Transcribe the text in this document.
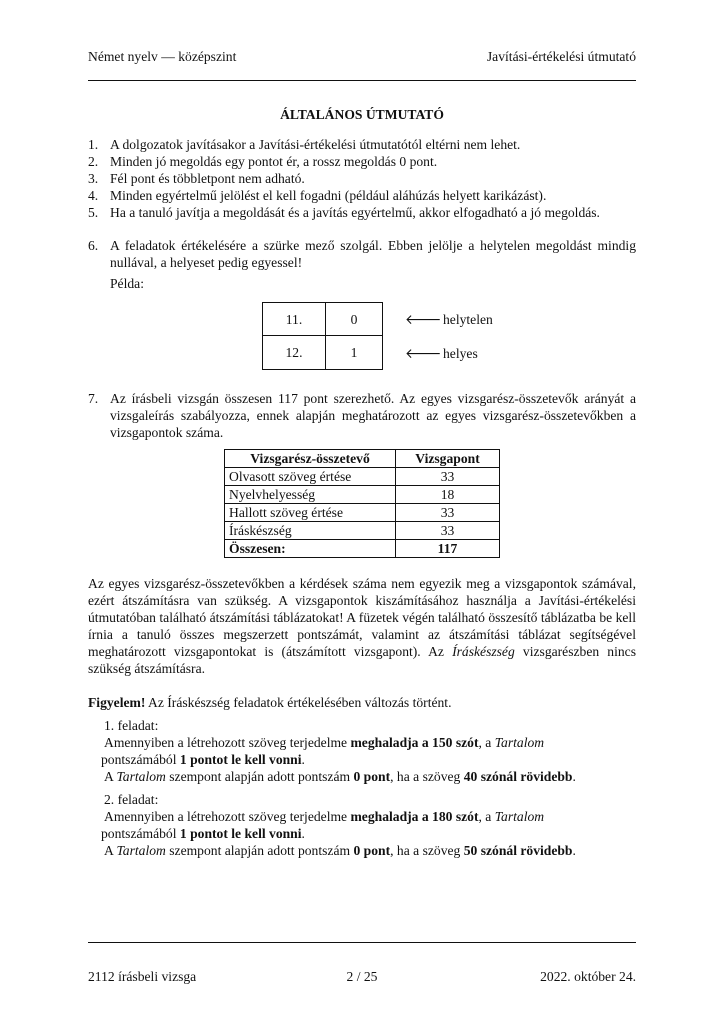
Német nyelv — középszint	Javítási-értékelési útmutató
ÁLTALÁNOS ÚTMUTATÓ
1. A dolgozatok javításakor a Javítási-értékelési útmutatótól eltérni nem lehet.
2. Minden jó megoldás egy pontot ér, a rossz megoldás 0 pont.
3. Fél pont és többletpont nem adható.
4. Minden egyértelmű jelölést el kell fogadni (például aláhúzás helyett karikázást).
5. Ha a tanuló javítja a megoldását és a javítás egyértelmű, akkor elfogadható a jó megoldás.
6. A feladatok értékelésére a szürke mező szolgál. Ebben jelölje a helytelen megoldást mindig nullával, a helyeset pedig egyessel!
Példa:
11.	0	🡐 helytelen
12.	1	🡐 helyes
7. Az írásbeli vizsgán összesen 117 pont szerezhető. Az egyes vizsgarész-összetevők arányát a vizsgaleírás szabályozza, ennek alapján meghatározott az egyes vizsgarész-összetevőkben a vizsgapontok száma.
Vizsgarész-összetevő	Vizsgapont
Olvasott szöveg értése	33
Nyelvhelyesség	18
Hallott szöveg értése	33
Íráskészség	33
Összesen:	117

Az egyes vizsgarész-összetevőkben a kérdések száma nem egyezik meg a vizsgapontok számával, ezért átszámításra van szükség. A vizsgapontok kiszámításához használja a Javítási-értékelési útmutatóban található átszámítási táblázatokat! A füzetek végén található összesítő táblázatba be kell írnia a tanuló összes megszerzett pontszámát, valamint az átszámítási táblázat segítségével meghatározott vizsgapontokat is (átszámított vizsgapont). Az Íráskészség vizsgarészben nincs szükség átszámításra.

Figyelem! Az Íráskészség feladatok értékelésében változás történt.

1. feladat:

Amennyiben a létrehozott szöveg terjedelme meghaladja a 150 szót, a Tartalom
pontszámából 1 pontot le kell vonni.

A Tartalom szempont alapján adott pontszám 0 pont, ha a szöveg 40 szónál rövidebb.

2. feladat:

Amennyiben a létrehozott szöveg terjedelme meghaladja a 180 szót, a Tartalom
pontszámából 1 pontot le kell vonni.

A Tartalom szempont alapján adott pontszám 0 pont, ha a szöveg 50 szónál rövidebb.

2112 írásbeli vizsga	2 / 25	2022. október 24.
